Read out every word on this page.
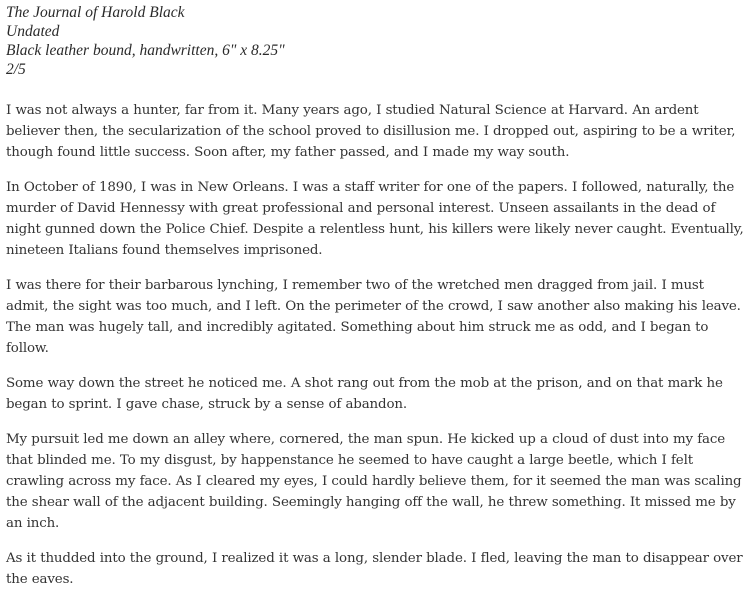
The Journal of Harold Black
Undated
Black leather bound, handwritten, 6" x 8.25"
2/5

I was not always a hunter, far from it. Many years ago, I studied Natural Science at Harvard. An ardent believer then, the secularization of the school proved to disillusion me. I dropped out, aspiring to be a writer, though found little success. Soon after, my father passed, and I made my way south.

In October of 1890, I was in New Orleans. I was a staff writer for one of the papers. I followed, naturally, the murder of David Hennessy with great professional and personal interest. Unseen assailants in the dead of night gunned down the Police Chief. Despite a relentless hunt, his killers were likely never caught. Eventually, nineteen Italians found themselves imprisoned.

I was there for their barbarous lynching, I remember two of the wretched men dragged from jail. I must admit, the sight was too much, and I left. On the perimeter of the crowd, I saw another also making his leave. The man was hugely tall, and incredibly agitated. Something about him struck me as odd, and I began to follow.

Some way down the street he noticed me. A shot rang out from the mob at the prison, and on that mark he began to sprint. I gave chase, struck by a sense of abandon.

My pursuit led me down an alley where, cornered, the man spun. He kicked up a cloud of dust into my face that blinded me. To my disgust, by happenstance he seemed to have caught a large beetle, which I felt crawling across my face. As I cleared my eyes, I could hardly believe them, for it seemed the man was scaling the shear wall of the adjacent building. Seemingly hanging off the wall, he threw something. It missed me by an inch.

As it thudded into the ground, I realized it was a long, slender blade. I fled, leaving the man to disappear over the eaves.
